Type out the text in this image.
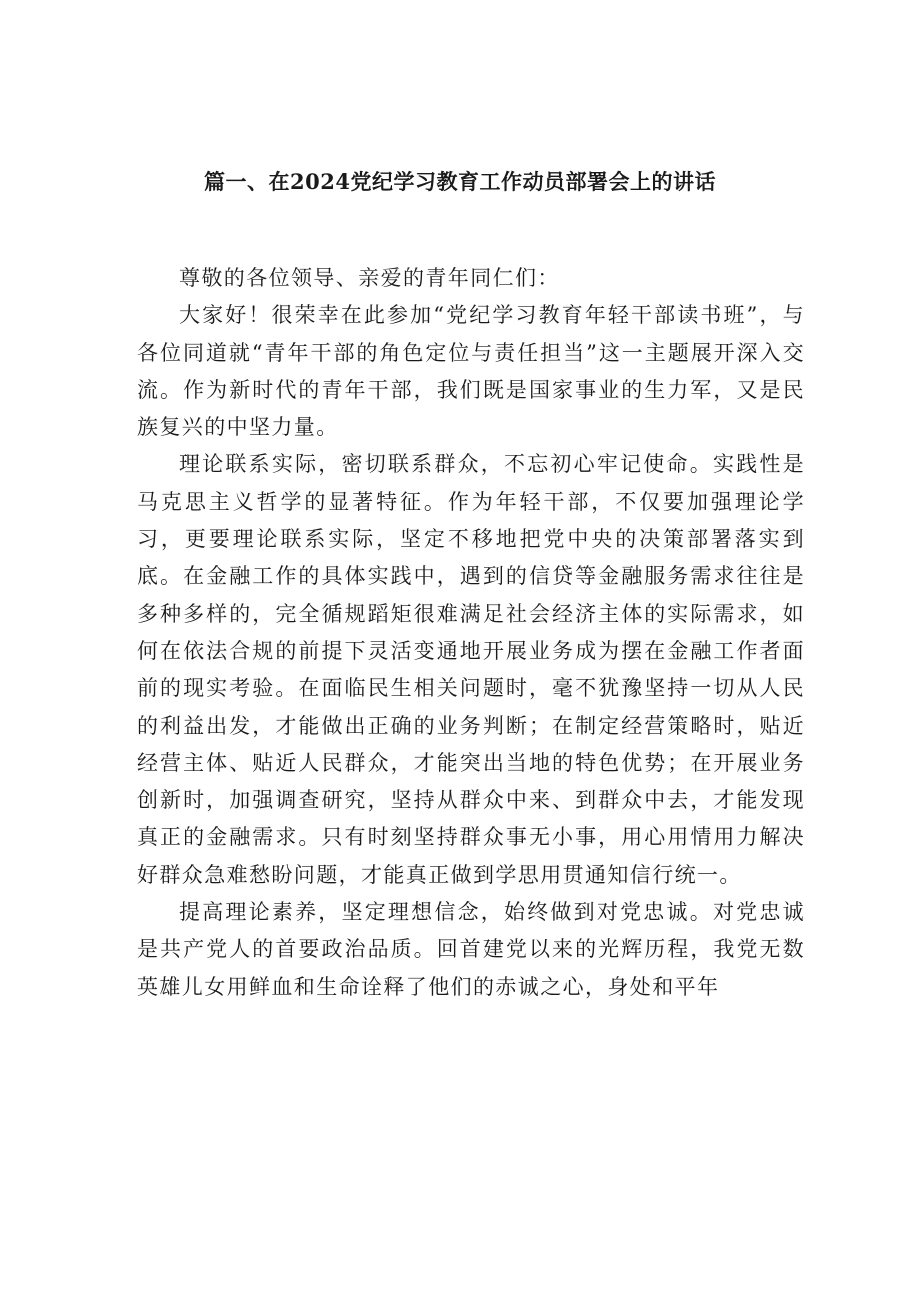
篇一、在2024党纪学习教育工作动员部署会上的讲话

尊敬的各位领导、亲爱的青年同仁们：

大家好！很荣幸在此参加“党纪学习教育年轻干部读书班”，与各位同道就“青年干部的角色定位与责任担当”这一主题展开深入交流。作为新时代的青年干部，我们既是国家事业的生力军，又是民族复兴的中坚力量。

理论联系实际，密切联系群众，不忘初心牢记使命。实践性是马克思主义哲学的显著特征。作为年轻干部，不仅要加强理论学习，更要理论联系实际，坚定不移地把党中央的决策部署落实到底。在金融工作的具体实践中，遇到的信贷等金融服务需求往往是多种多样的，完全循规蹈矩很难满足社会经济主体的实际需求，如何在依法合规的前提下灵活变通地开展业务成为摆在金融工作者面前的现实考验。在面临民生相关问题时，毫不犹豫坚持一切从人民的利益出发，才能做出正确的业务判断；在制定经营策略时，贴近经营主体、贴近人民群众，才能突出当地的特色优势；在开展业务创新时，加强调查研究，坚持从群众中来、到群众中去，才能发现真正的金融需求。只有时刻坚持群众事无小事，用心用情用力解决好群众急难愁盼问题，才能真正做到学思用贯通知信行统一。

提高理论素养，坚定理想信念，始终做到对党忠诚。对党忠诚是共产党人的首要政治品质。回首建党以来的光辉历程，我党无数英雄儿女用鲜血和生命诠释了他们的赤诚之心，身处和平年
